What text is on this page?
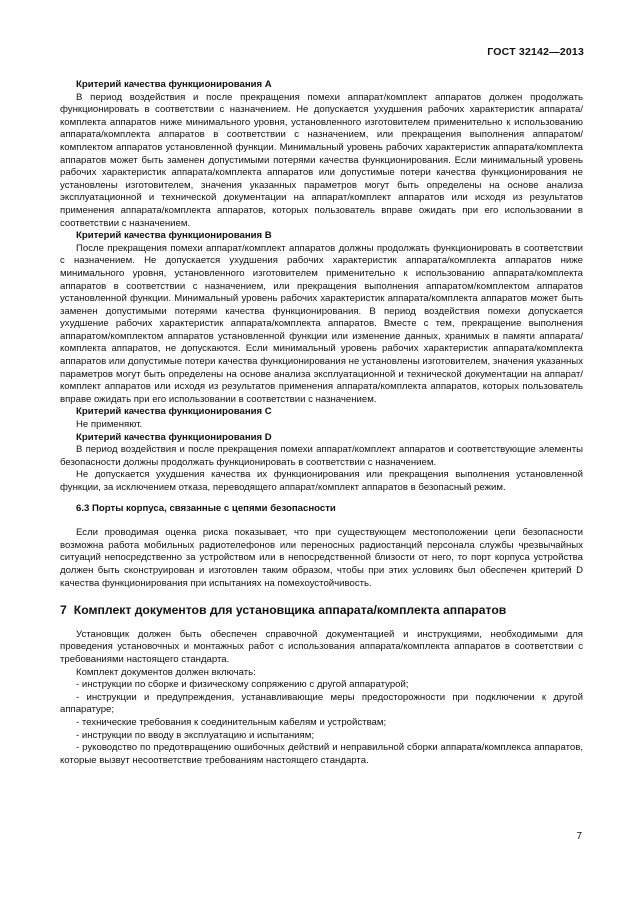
ГОСТ 32142—2013

Критерий качества функционирования А

В период воздействия и после прекращения помехи аппарат/комплект аппаратов должен продолжать функционировать в соответствии с назначением. Не допускается ухудшения рабочих характеристик аппарата/комплекта аппаратов ниже минимального уровня, установленного изготовителем применительно к использованию аппарата/комплекта аппаратов в соответствии с назначением, или прекращения выполнения аппаратом/комплектом аппаратов установленной функции. Минимальный уровень рабочих характеристик аппарата/комплекта аппаратов может быть заменен допустимыми потерями качества функционирования. Если минимальный уровень рабочих характеристик аппарата/комплекта аппаратов или допустимые потери качества функционирования не установлены изготовителем, значения указанных параметров могут быть определены на основе анализа эксплуатационной и технической документации на аппарат/комплект аппаратов или исходя из результатов применения аппарата/комплекта аппаратов, которых пользователь вправе ожидать при его использовании в соответствии с назначением.

Критерий качества функционирования В

После прекращения помехи аппарат/комплект аппаратов должны продолжать функционировать в соответствии с назначением. Не допускается ухудшения рабочих характеристик аппарата/комплекта аппаратов ниже минимального уровня, установленного изготовителем применительно к использованию аппарата/комплекта аппаратов в соответствии с назначением, или прекращения выполнения аппаратом/комплектом аппаратов установленной функции. Минимальный уровень рабочих характеристик аппарата/комплекта аппаратов может быть заменен допустимыми потерями качества функционирования. В период воздействия помехи допускается ухудшение рабочих характеристик аппарата/комплекта аппаратов. Вместе с тем, прекращение выполнения аппаратом/комплектом аппаратов установленной функции или изменение данных, хранимых в памяти аппарата/комплекта аппаратов, не допускаются. Если минимальный уровень рабочих характеристик аппарата/комплекта аппаратов или допустимые потери качества функционирования не установлены изготовителем, значения указанных параметров могут быть определены на основе анализа эксплуатационной и технической документации на аппарат/комплект аппаратов или исходя из результатов применения аппарата/комплекта аппаратов, которых пользователь вправе ожидать при его использовании в соответствии с назначением.

Критерий качества функционирования С

Не применяют.

Критерий качества функционирования D

В период воздействия и после прекращения помехи аппарат/комплект аппаратов и соответствующие элементы безопасности должны продолжать функционировать в соответствии с назначением.

Не допускается ухудшения качества их функционирования или прекращения выполнения установленной функции, за исключением отказа, переводящего аппарат/комплект аппаратов в безопасный режим.

6.3 Порты корпуса, связанные с цепями безопасности

Если проводимая оценка риска показывает, что при существующем местоположении цепи безопасности возможна работа мобильных радиотелефонов или переносных радиостанций персонала службы чрезвычайных ситуаций непосредственно за устройством или в непосредственной близости от него, то порт корпуса устройства должен быть сконструирован и изготовлен таким образом, чтобы при этих условиях был обеспечен критерий D качества функционирования при испытаниях на помехоустойчивость.

7 Комплект документов для установщика аппарата/комплекта аппаратов

Установщик должен быть обеспечен справочной документацией и инструкциями, необходимыми для проведения установочных и монтажных работ с использования аппарата/комплекта аппаратов в соответствии с требованиями настоящего стандарта.

Комплект документов должен включать:

- инструкции по сборке и физическому сопряжению с другой аппаратурой;

- инструкции и предупреждения, устанавливающие меры предосторожности при подключении к другой аппаратуре;

- технические требования к соединительным кабелям и устройствам;

- инструкции по вводу в эксплуатацию и испытаниям;

- руководство по предотвращению ошибочных действий и неправильной сборки аппарата/комплекса аппаратов, которые вызвут несоответствие требованиям настоящего стандарта.

7
